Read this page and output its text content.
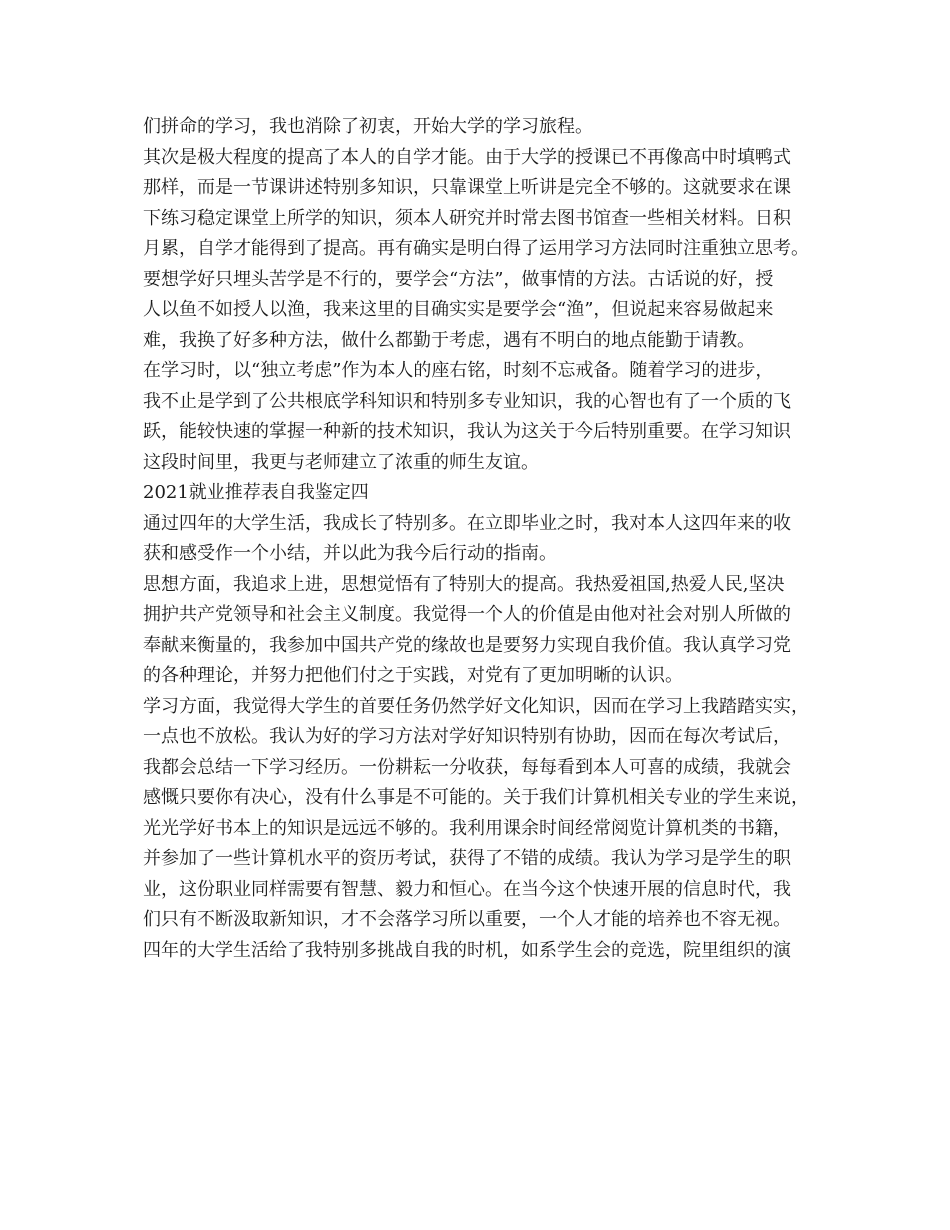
们拼命的学习，我也消除了初衷，开始大学的学习旅程。
其次是极大程度的提高了本人的自学才能。由于大学的授课已不再像高中时填鸭式
那样，而是一节课讲述特别多知识，只靠课堂上听讲是完全不够的。这就要求在课
下练习稳定课堂上所学的知识，须本人研究并时常去图书馆查一些相关材料。日积
月累，自学才能得到了提高。再有确实是明白得了运用学习方法同时注重独立思考。
要想学好只埋头苦学是不行的，要学会“方法”，做事情的方法。古话说的好，授
人以鱼不如授人以渔，我来这里的目确实实是要学会“渔”，但说起来容易做起来
难，我换了好多种方法，做什么都勤于考虑，遇有不明白的地点能勤于请教。
在学习时，以“独立考虑”作为本人的座右铭，时刻不忘戒备。随着学习的进步，
我不止是学到了公共根底学科知识和特别多专业知识，我的心智也有了一个质的飞
跃，能较快速的掌握一种新的技术知识，我认为这关于今后特别重要。在学习知识
这段时间里，我更与老师建立了浓重的师生友谊。
2021就业推荐表自我鉴定四
通过四年的大学生活，我成长了特别多。在立即毕业之时，我对本人这四年来的收
获和感受作一个小结，并以此为我今后行动的指南。
思想方面，我追求上进，思想觉悟有了特别大的提高。我热爱祖国,热爱人民,坚决
拥护共产党领导和社会主义制度。我觉得一个人的价值是由他对社会对别人所做的
奉献来衡量的，我参加中国共产党的缘故也是要努力实现自我价值。我认真学习党
的各种理论，并努力把他们付之于实践，对党有了更加明晰的认识。
学习方面，我觉得大学生的首要任务仍然学好文化知识，因而在学习上我踏踏实实，
一点也不放松。我认为好的学习方法对学好知识特别有协助，因而在每次考试后，
我都会总结一下学习经历。一份耕耘一分收获，每每看到本人可喜的成绩，我就会
感慨只要你有决心，没有什么事是不可能的。关于我们计算机相关专业的学生来说，
光光学好书本上的知识是远远不够的。我利用课余时间经常阅览计算机类的书籍，
并参加了一些计算机水平的资历考试，获得了不错的成绩。我认为学习是学生的职
业，这份职业同样需要有智慧、毅力和恒心。在当今这个快速开展的信息时代，我
们只有不断汲取新知识，才不会落学习所以重要，一个人才能的培养也不容无视。
四年的大学生活给了我特别多挑战自我的时机，如系学生会的竞选，院里组织的演
